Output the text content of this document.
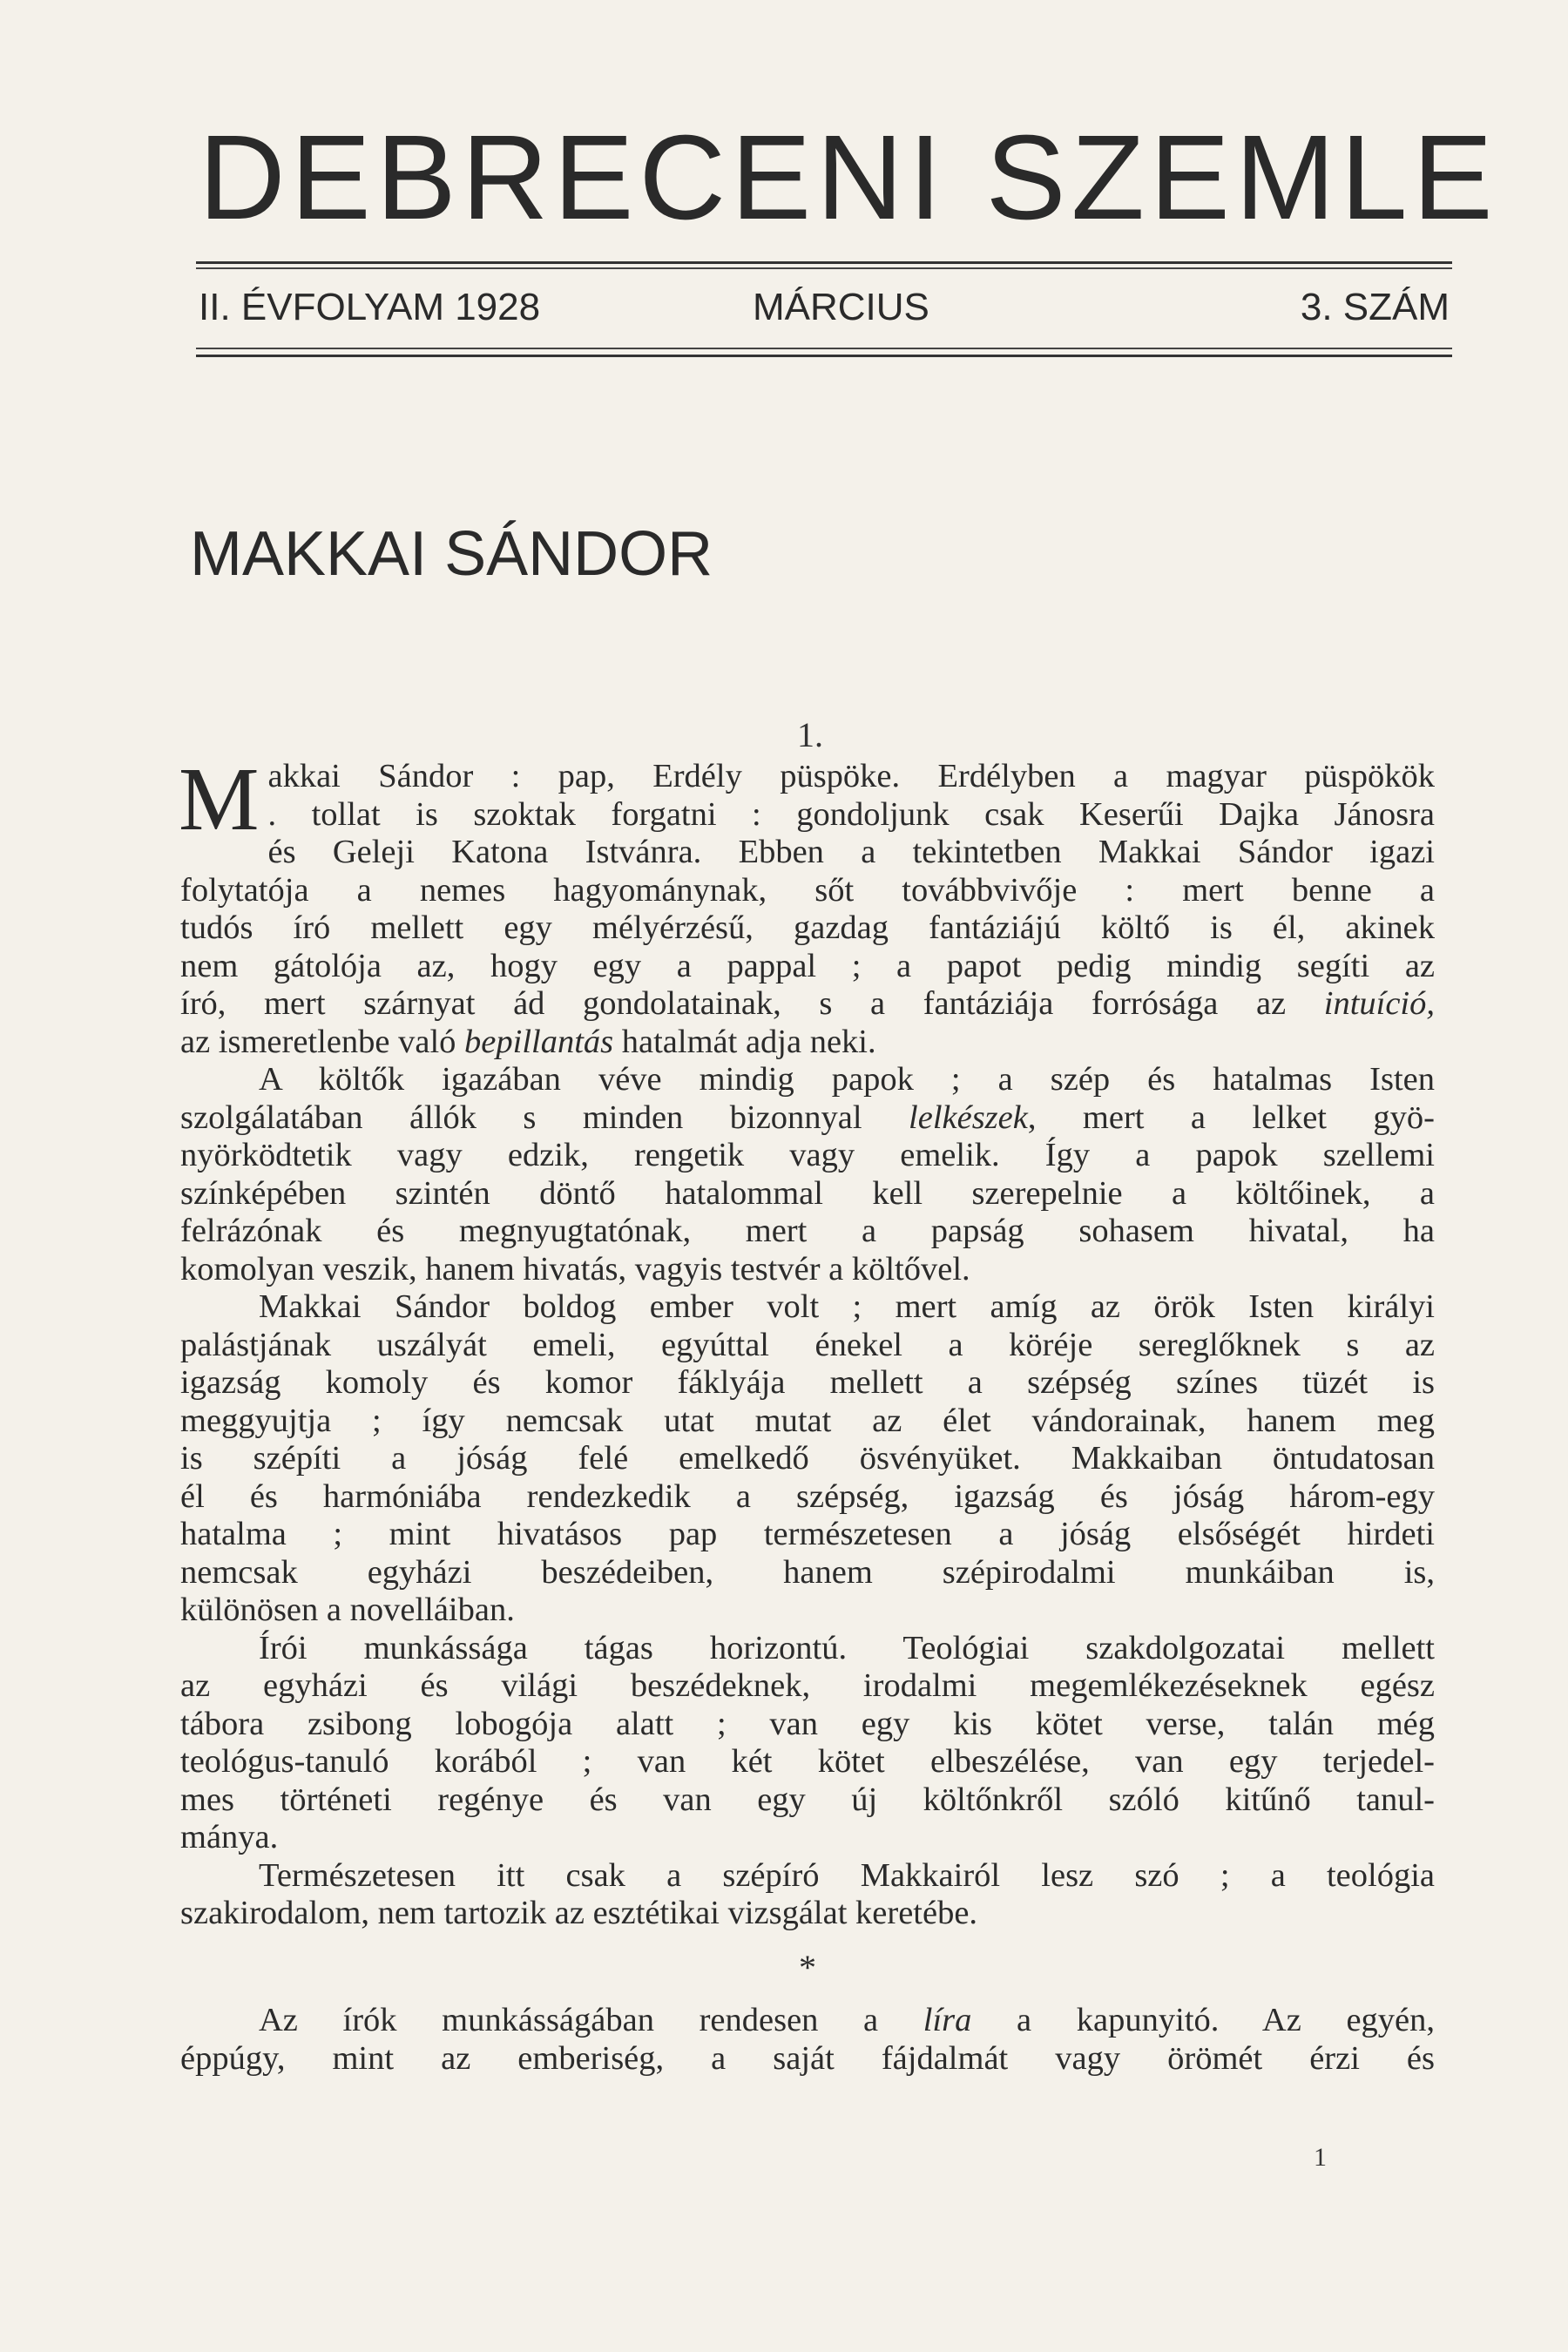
DEBRECENI SZEMLE
II. ÉVFOLYAM 1928	MÁRCIUS	3. SZÁM
MAKKAI SÁNDOR
1.

M akkai Sándor : pap, Erdély püspöke. Erdélyben a magyar püspökök
. tollat is szoktak forgatni : gondoljunk csak Keserűi Dajka Jánosra
és Geleji Katona Istvánra. Ebben a tekintetben Makkai Sándor igazi
folytatója a nemes hagyománynak, sőt továbbvivője : mert benne a
tudós író mellett egy mélyérzésű, gazdag fantáziájú költő is él, akinek
nem gátolója az, hogy egy a pappal ; a papot pedig mindig segíti az
író, mert szárnyat ád gondolatainak, s a fantáziája forrósága az intuíció,

az ismeretlenbe való bepillantás hatalmát adja neki.

A költők igazában véve mindig papok ; a szép és hatalmas Isten

szolgálatában állók s minden bizonnyal lelkészek, mert a lelket gyö-
nyörködtetik vagy edzik, rengetik vagy emelik. Így a papok szellemi
színképében szintén döntő hatalommal kell szerepelnie a költőinek, a
felrázónak és megnyugtatónak, mert a papság sohasem hivatal, ha

komolyan veszik, hanem hivatás, vagyis testvér a költővel.

Makkai Sándor boldog ember volt ; mert amíg az örök Isten királyi

palástjának uszályát emeli, egyúttal énekel a köréje sereglőknek s az
igazság komoly és komor fáklyája mellett a szépség színes tüzét is
meggyujtja ; így nemcsak utat mutat az élet vándorainak, hanem meg
is szépíti a jóság felé emelkedő ösvényüket. Makkaiban öntudatosan
él és harmóniába rendezkedik a szépség, igazság és jóság három-egy
hatalma ; mint hivatásos pap természetesen a jóság elsőségét hirdeti
nemcsak egyházi beszédeiben, hanem szépirodalmi munkáiban is,

különösen a novelláiban.

Írói munkássága tágas horizontú. Teológiai szakdolgozatai mellett

az egyházi és világi beszédeknek, irodalmi megemlékezéseknek egész
tábora zsibong lobogója alatt ; van egy kis kötet verse, talán még
teológus-tanuló korából ; van két kötet elbeszélése, van egy terjedel-
mes történeti regénye és van egy új költőnkről szóló kitűnő tanul-

mánya.

Természetesen itt csak a szépíró Makkairól lesz szó ; a teológia

szakirodalom, nem tartozik az esztétikai vizsgálat keretébe.

*

Az írók munkásságában rendesen a líra a kapunyitó. Az egyén,

éppúgy, mint az emberiség, a saját fájdalmát vagy örömét érzi és

1
